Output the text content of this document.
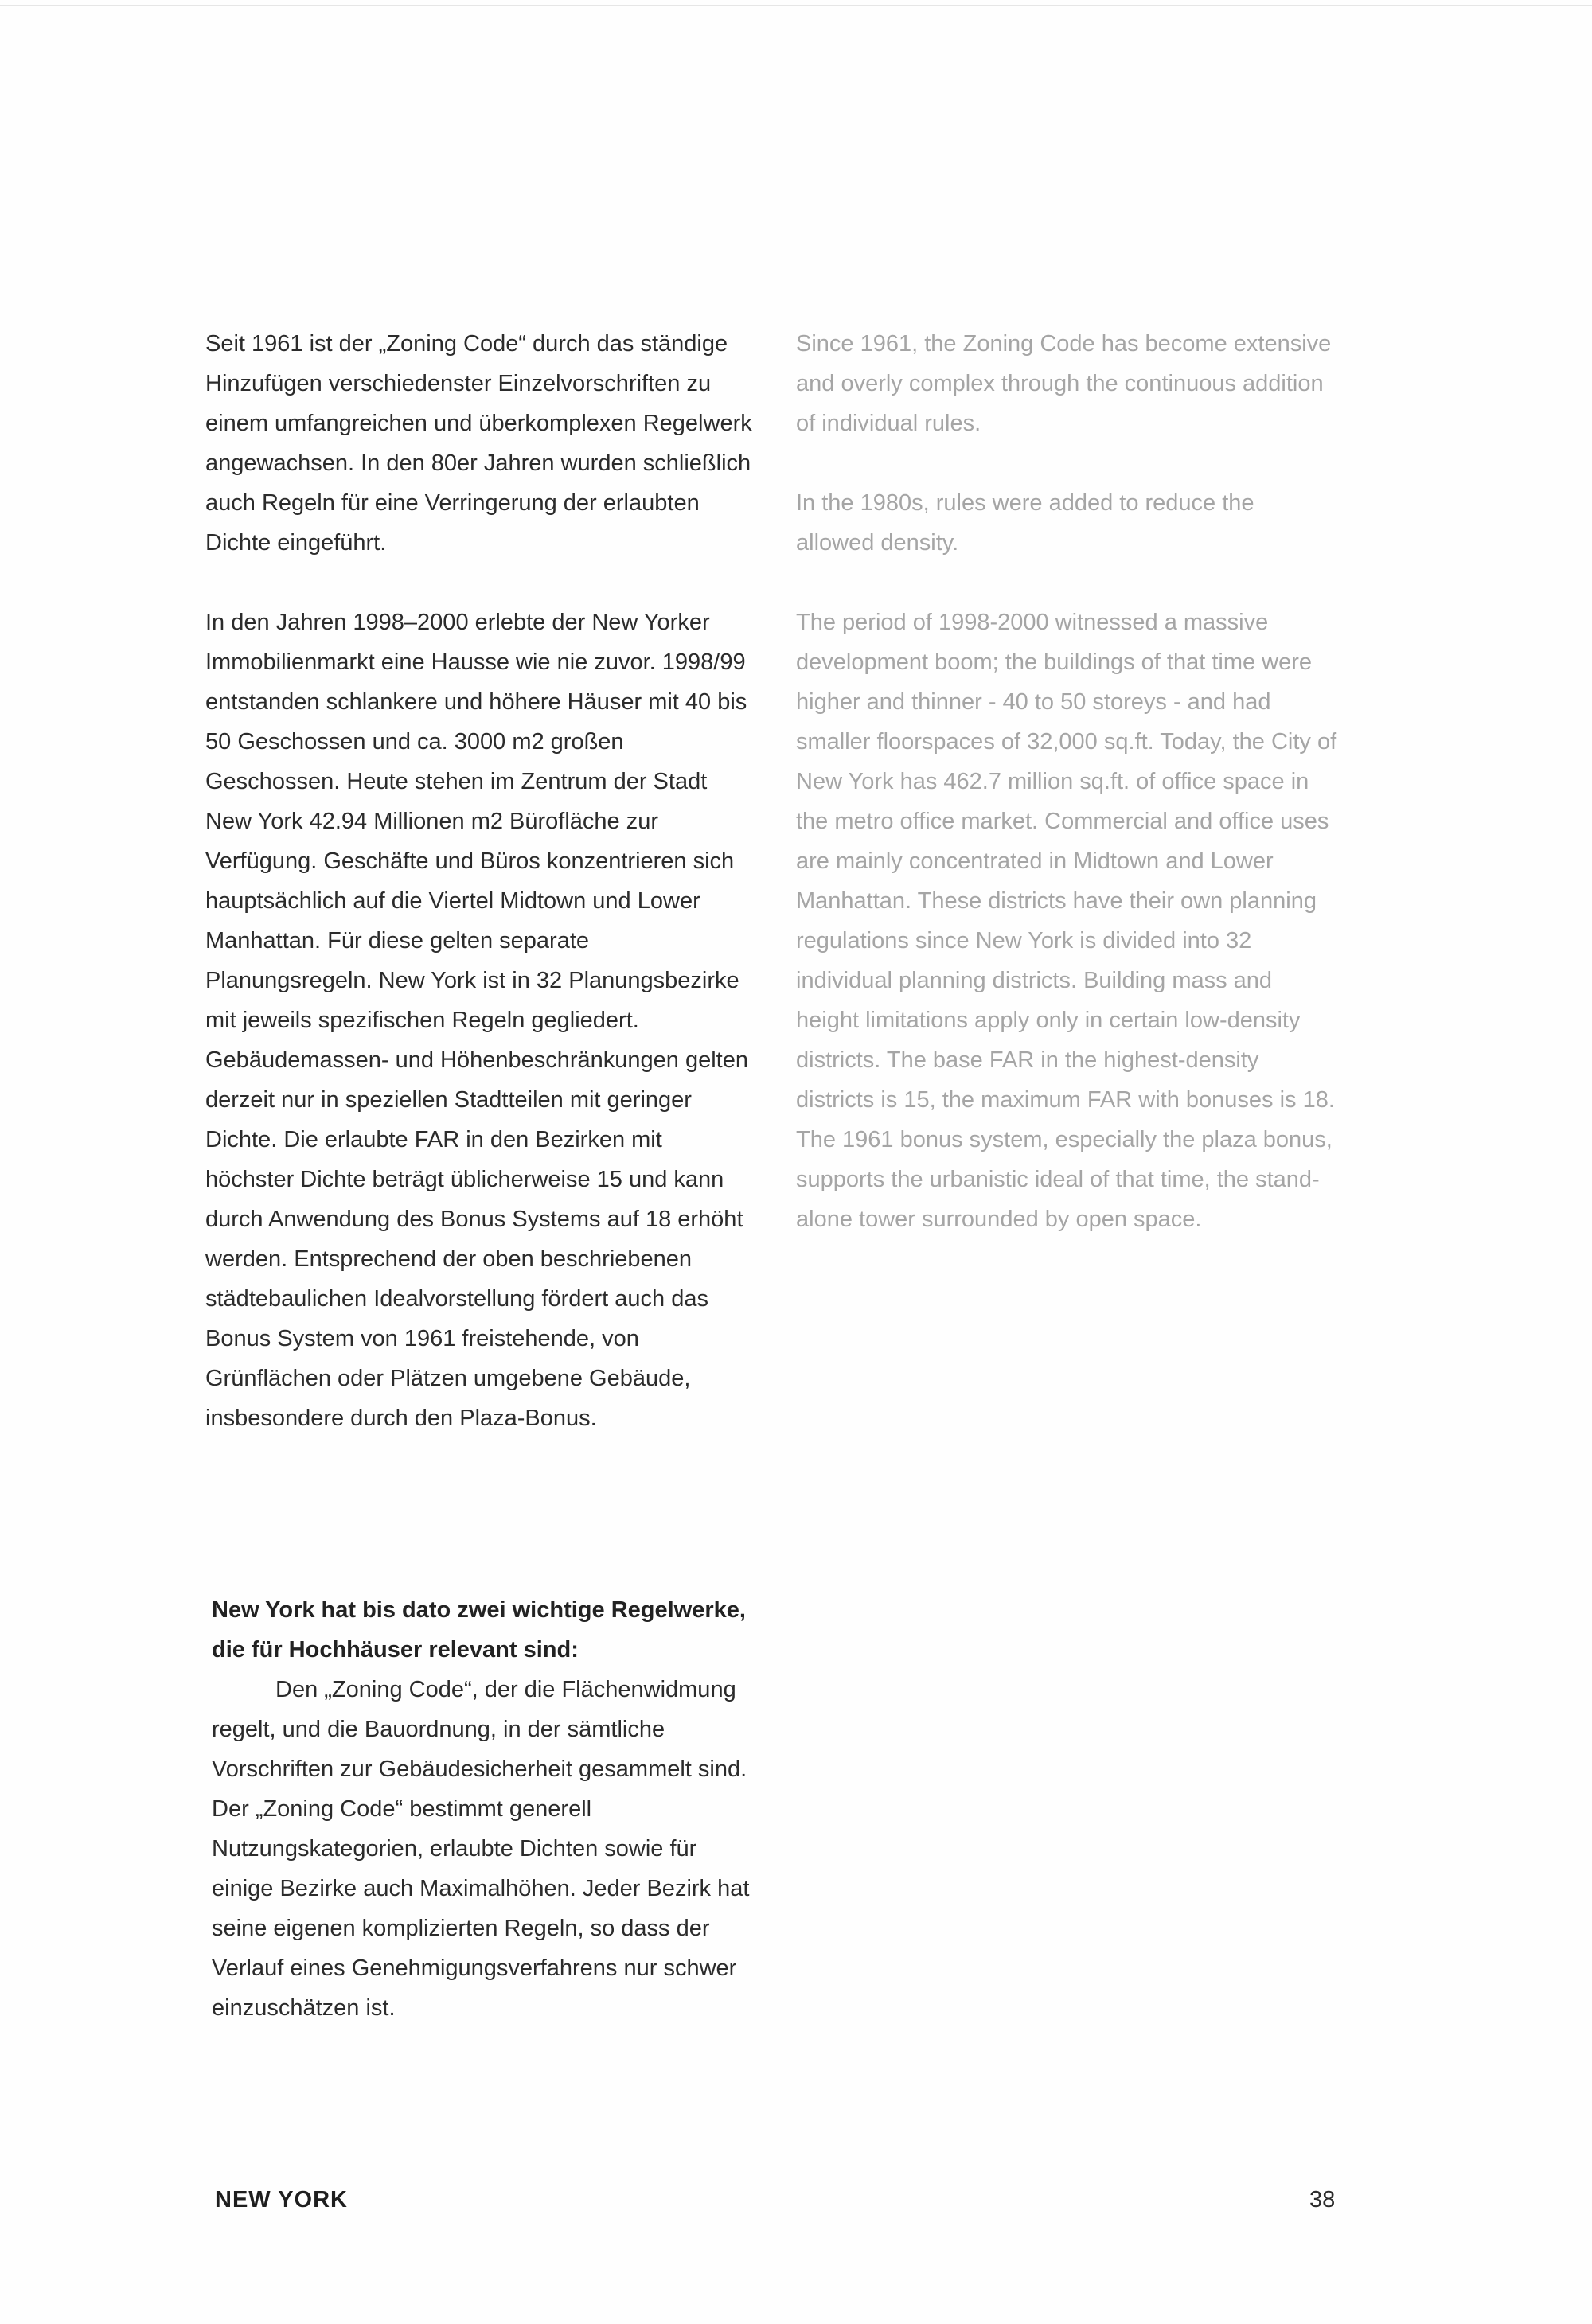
Seit 1961 ist der „Zoning Code“ durch das ständige Hinzufügen verschiedenster Einzelvorschriften zu einem umfangreichen und überkomplexen Regelwerk angewachsen. In den 80er Jahren wurden schließlich auch Regeln für eine Verringerung der erlaubten Dichte eingeführt.

In den Jahren 1998–2000 erlebte der New Yorker Immobilienmarkt eine Hausse wie nie zuvor. 1998/99 entstanden schlankere und höhere Häuser mit 40 bis 50 Geschossen und ca. 3000 m2 großen Geschossen. Heute stehen im Zentrum der Stadt New York 42.94 Millionen m2 Bürofläche zur Verfügung. Geschäfte und Büros konzentrieren sich hauptsächlich auf die Viertel Midtown und Lower Manhattan. Für diese gelten separate Planungsregeln. New York ist in 32 Planungsbezirke mit jeweils spezifischen Regeln gegliedert. Gebäudemassen- und Höhenbeschränkungen gelten derzeit nur in speziellen Stadtteilen mit geringer Dichte. Die erlaubte FAR in den Bezirken mit höchster Dichte beträgt üblicherweise 15 und kann durch Anwendung des Bonus Systems auf 18 erhöht werden. Entsprechend der oben beschriebenen städtebaulichen Idealvorstellung fördert auch das Bonus System von 1961 freistehende, von Grünflächen oder Plätzen umgebene Gebäude, insbesondere durch den Plaza-Bonus.

Since 1961, the Zoning Code has become extensive and overly complex through the continuous addition of individual rules.

In the 1980s, rules were added to reduce the allowed density.

The period of 1998-2000 witnessed a massive development boom; the buildings of that time were higher and thinner - 40 to 50 storeys - and had smaller floorspaces of 32,000 sq.ft. Today, the City of New York has 462.7 million sq.ft. of office space in the metro office market. Commercial and office uses are mainly concentrated in Midtown and Lower Manhattan. These districts have their own planning regulations since New York is divided into 32 individual planning districts. Building mass and height limitations apply only in certain low-density districts. The base FAR in the highest-density districts is 15, the maximum FAR with bonuses is 18. The 1961 bonus system, especially the plaza bonus, supports the urbanistic ideal of that time, the stand-alone tower surrounded by open space.

New York hat bis dato zwei wichtige Regelwerke, die für Hochhäuser relevant sind:

Den „Zoning Code“, der die Flächenwidmung regelt, und die Bauordnung, in der sämtliche Vorschriften zur Gebäudesicherheit gesammelt sind. Der „Zoning Code“ bestimmt generell Nutzungskategorien, erlaubte Dichten sowie für einige Bezirke auch Maximalhöhen. Jeder Bezirk hat seine eigenen komplizierten Regeln, so dass der Verlauf eines Genehmigungsverfahrens nur schwer einzuschätzen ist.

NEW YORK	38
